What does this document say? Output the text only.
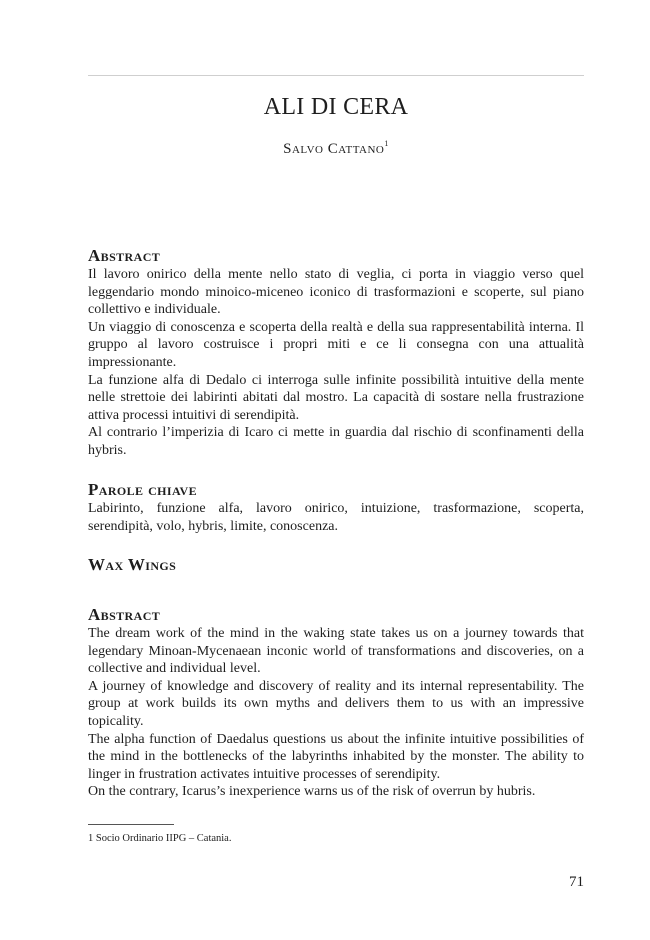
ALI DI CERA
Salvo Cattano$^1$
Abstract

Il lavoro onirico della mente nello stato di veglia, ci porta in viaggio verso quel leggendario mondo minoico-miceneo iconico di trasformazioni e scoperte, sul piano collettivo e individuale.

Un viaggio di conoscenza e scoperta della realtà e della sua rappresentabilità interna. Il gruppo al lavoro costruisce i propri miti e ce li consegna con una attualità impressionante.

La funzione alfa di Dedalo ci interroga sulle infinite possibilità intuitive della mente nelle strettoie dei labirinti abitati dal mostro. La capacità di sostare nella frustrazione attiva processi intuitivi di serendipità.

Al contrario l’imperizia di Icaro ci mette in guardia dal rischio di sconfinamenti della hybris.

Parole chiave

Labirinto, funzione alfa, lavoro onirico, intuizione, trasformazione, scoperta, serendipità, volo, hybris, limite, conoscenza.

Wax Wings
Abstract

The dream work of the mind in the waking state takes us on a journey towards that legendary Minoan-Mycenaean inconic world of transformations and discoveries, on a collective and individual level.

A journey of knowledge and discovery of reality and its internal representability. The group at work builds its own myths and delivers them to us with an impressive topicality.

The alpha function of Daedalus questions us about the infinite intuitive possibilities of the mind in the bottlenecks of the labyrinths inhabited by the monster. The ability to linger in frustration activates intuitive processes of serendipity.

On the contrary, Icarus’s inexperience warns us of the risk of overrun by hubris.

1 Socio Ordinario IIPG – Catania.
71
